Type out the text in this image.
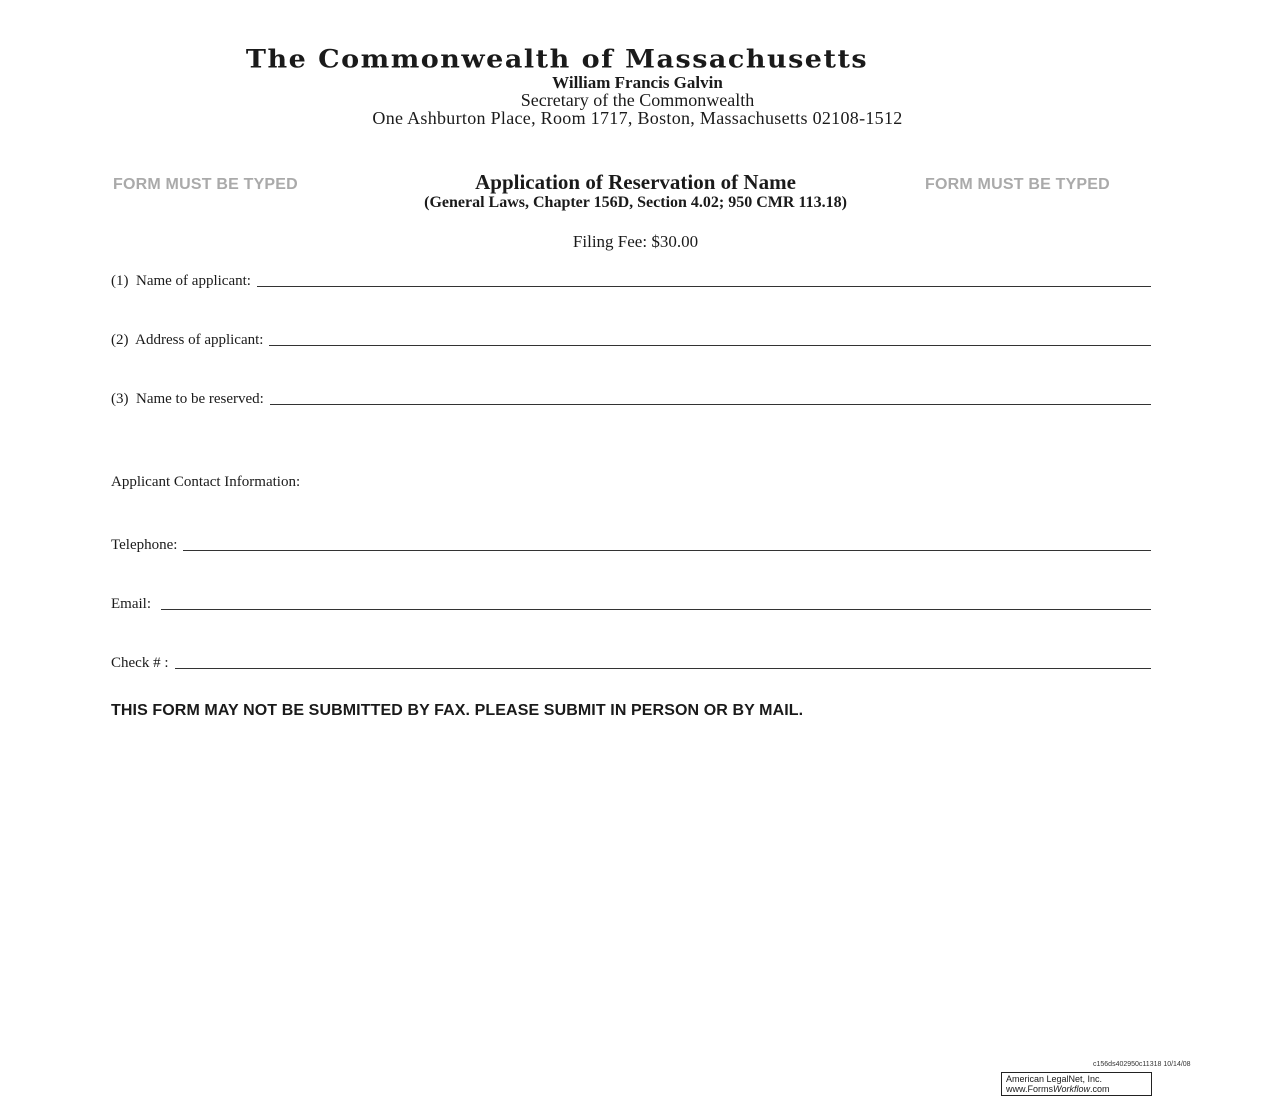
The Commonwealth of Massachusetts
William Francis Galvin
Secretary of the Commonwealth
One Ashburton Place, Room 1717, Boston, Massachusetts 02108-1512
FORM MUST BE TYPED	Application of Reservation of Name	FORM MUST BE TYPED
(General Laws, Chapter 156D, Section 4.02; 950 CMR 113.18)
Filing Fee: $30.00
(1)  Name of applicant:
(2)  Address of applicant:
(3)  Name to be reserved:
Applicant Contact Information:
Telephone:
Email:
Check # :
THIS FORM MAY NOT BE SUBMITTED BY FAX. PLEASE SUBMIT IN PERSON OR BY MAIL.
c156ds402950c11318 10/14/08
American LegalNet, Inc.
www.FormsWorkflow.com
